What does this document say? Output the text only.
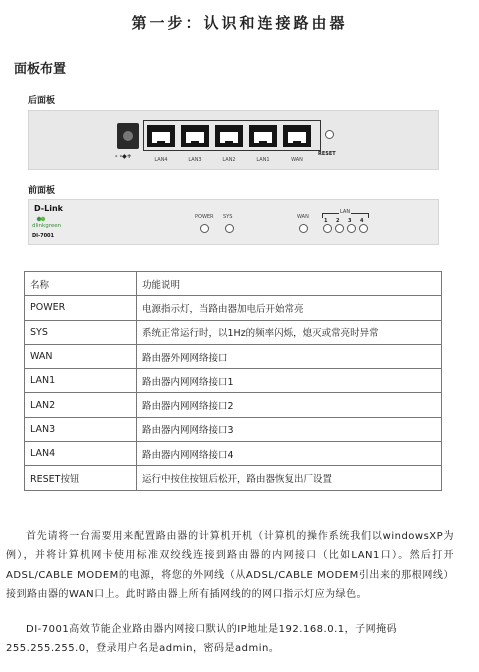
第一步：认识和连接路由器
面板布置
后面板
- -◆+	LAN4	LAN3	LAN2	LAN1	WAN
RESET
前面板
D-Link
dlinkgreen
DI-7001
POWER SYS	WAN
LAN
1 2 3 4
名称	功能说明
POWER	电源指示灯，当路由器加电后开始常亮
SYS	系统正常运行时，以1Hz的频率闪烁，熄灭或常亮时异常
WAN	路由器外网网络接口
LAN1	路由器内网网络接口1
LAN2	路由器内网网络接口2
LAN3	路由器内网网络接口3
LAN4	路由器内网网络接口4
RESET按钮	运行中按住按钮后松开，路由器恢复出厂设置

首先请将一台需要用来配置路由器的计算机开机（计算机的操作系统我们以windowsXP为例），并将计算机网卡使用标准双绞线连接到路由器的内网接口（比如LAN1口）。然后打开ADSL/CABLE MODEM的电源，将您的外网线（从ADSL/CABLE MODEM引出来的那根网线）接到路由器的WAN口上。此时路由器上所有插网线的的网口指示灯应为绿色。

DI-7001高效节能企业路由器内网接口默认的IP地址是192.168.0.1，子网掩码255.255.255.0，登录用户名是admin，密码是admin。
